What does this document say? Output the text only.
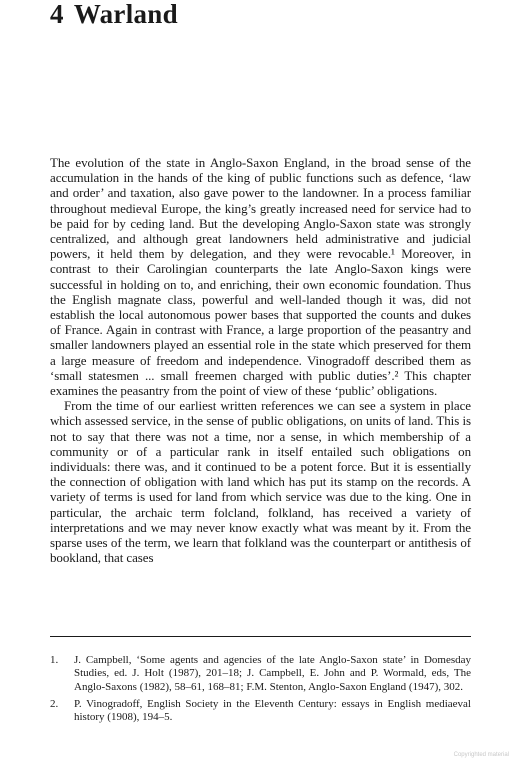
4 Warland

The evolution of the state in Anglo-Saxon England, in the broad sense of the accumulation in the hands of the king of public functions such as defence, ‘law and order’ and taxation, also gave power to the landowner. In a process familiar throughout medieval Europe, the king’s greatly increased need for service had to be paid for by ceding land. But the developing Anglo-Saxon state was strongly centralized, and although great landowners held administrative and judicial powers, it held them by delegation, and they were revocable.¹ Moreover, in contrast to their Carolingian counterparts the late Anglo-Saxon kings were successful in holding on to, and enriching, their own economic foundation. Thus the English magnate class, powerful and well-landed though it was, did not establish the local autonomous power bases that supported the counts and dukes of France. Again in contrast with France, a large proportion of the peasantry and smaller landowners played an essential role in the state which preserved for them a large measure of freedom and independence. Vinogradoff described them as ‘small statesmen ... small freemen charged with public duties’.² This chapter examines the peasantry from the point of view of these ‘public’ obligations.

From the time of our earliest written references we can see a system in place which assessed service, in the sense of public obligations, on units of land. This is not to say that there was not a time, nor a sense, in which membership of a community or of a particular rank in itself entailed such obligations on individuals: there was, and it continued to be a potent force. But it is essentially the connection of obligation with land which has put its stamp on the records. A variety of terms is used for land from which service was due to the king. One in particular, the archaic term folcland, folkland, has received a variety of interpretations and we may never know exactly what was meant by it. From the sparse uses of the term, we learn that folkland was the counterpart or antithesis of bookland, that cases

1.	J. Campbell, ‘Some agents and agencies of the late Anglo-Saxon state’ in Domesday Studies, ed. J. Holt (1987), 201–18; J. Campbell, E. John and P. Wormald, eds, The Anglo-Saxons (1982), 58–61, 168–81; F.M. Stenton, Anglo-Saxon England (1947), 302.
2.	P. Vinogradoff, English Society in the Eleventh Century: essays in English mediaeval history (1908), 194–5.
Copyrighted material
